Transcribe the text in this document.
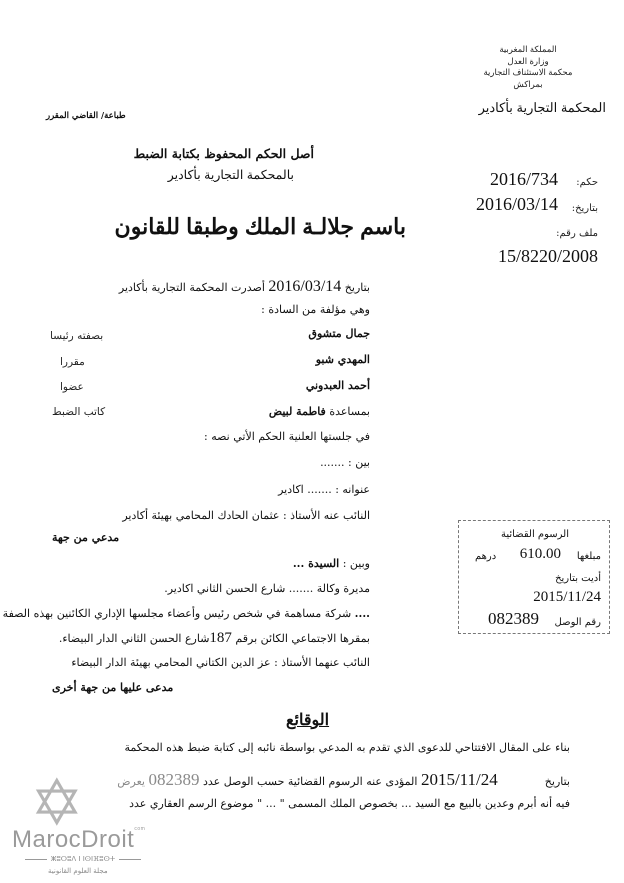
المملكة المغربية
وزارة العدل
محكمة الاستئناف التجارية
بمراكش
المحكمة التجارية بأكادير
طباعة/ القاضي المقرر
أصل الحكم المحفوظ بكتابة الضبط
بالمحكمة التجارية بأكادير
حكم:
2016/734
بتاريخ:
2016/03/14
ملف رقم:
15/8220/2008
باسم جلالـة الملك وطبقا للقانون
بتاريخ 2016/03/14 أصدرت المحكمة التجارية بأكادير
وهي مؤلفة من السادة :
جمال متشوق
بصفته رئيسا
المهدي شبو
مقررا
أحمد العبدوني
عضوا
بمساعدة فاطمة لبيض
كاتب الضبط
في جلستها العلنية الحكم الأتي نصه :
بين : .......
عنوانه : ....... اكادير
النائب عنه الأستاذ : عثمان الحادك المحامي بهيئة أكادير
مدعي من جهة	الرسوم القضائية
مبلغها
610.00
درهم
أديت بتاريخ
2015/11/24
رقم الوصل
082389
وبين : السيدة ...
مديرة وكالة ....... شارع الحسن الثاني اكادير.
.... شركة مساهمة في شخص رئيس وأعضاء مجلسها الإداري الكائنين بهذه الصفة
بمقرها الاجتماعي الكائن برقم 187شارع الحسن الثاني الدار البيضاء.
النائب عنهما الأستاذ : عز الدين الكتاني المحامي بهيئة الدار البيضاء
مدعى عليها من جهة أخرى
الوقائع
بناء على المقال الافتتاحي للدعوى الذي تقدم به المدعي بواسطة نائبه إلى كتابة ضبط هذه المحكمة
بتاريخ  2015/11/24 المؤدى عنه الرسوم القضائية حسب الوصل عدد 082389 يعرض
فيه أنه أبرم وعدين بالبيع مع السيد ... بخصوص الملك المسمى " ... " موضوع الرسم العقاري عدد
✡
MarocDroit$^{com}$
ⵥⵓⵔⵓⴷ ⵏ ⵏⵙⵏⴼⵓⵙⵜ
مجلة العلوم القانونية
